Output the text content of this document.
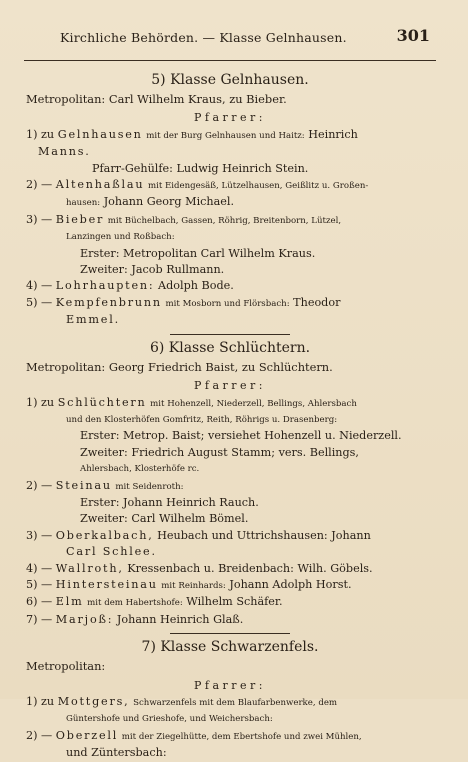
Kirchliche Behörden. — Klasse Gelnhausen.	301
5) Klasse Gelnhausen.
Metropolitan: Carl Wilhelm Kraus, zu Bieber.
Pfarrer:
1) zu Gelnhausen mit der Burg Gelnhausen und Haitz: Heinrich
Manns.
Pfarr-Gehülfe: Ludwig Heinrich Stein.
2) — Altenhaßlau mit Eidengesäß, Lützelhausen, Geißlitz u. Großen-
hausen: Johann Georg Michael.
3) — Bieber mit Büchelbach, Gassen, Röhrig, Breitenborn, Lützel,
Lanzingen und Roßbach:
Erster: Metropolitan Carl Wilhelm Kraus.
Zweiter: Jacob Rullmann.
4) — Lohrhaupten: Adolph Bode.
5) — Kempfenbrunn mit Mosborn und Flörsbach: Theodor
Emmel.
6) Klasse Schlüchtern.
Metropolitan: Georg Friedrich Baist, zu Schlüchtern.
Pfarrer:
1) zu Schlüchtern mit Hohenzell, Niederzell, Bellings, Ahlersbach
und den Klosterhöfen Gomfritz, Reith, Röhrigs u. Drasenberg:
Erster: Metrop. Baist; versiehet Hohenzell u. Niederzell.
Zweiter: Friedrich August Stamm; vers. Bellings,
Ahlersbach, Klosterhöfe rc.
2) — Steinau mit Seidenroth:
Erster: Johann Heinrich Rauch.
Zweiter: Carl Wilhelm Bömel.
3) — Oberkalbach, Heubach und Uttrichshausen: Johann
Carl Schlee.
4) — Wallroth, Kressenbach u. Breidenbach: Wilh. Göbels.
5) — Hintersteinau mit Reinhards: Johann Adolph Horst.
6) — Elm mit dem Habertshofe: Wilhelm Schäfer.
7) — Marjoß: Johann Heinrich Glaß.
7) Klasse Schwarzenfels.
Metropolitan:
Pfarrer:
1) zu Mottgers, Schwarzenfels mit dem Blaufarbenwerke, dem
Güntershofe und Grieshofe, und Weichersbach:
2) — Oberzell mit der Ziegelhütte, dem Ebertshofe und zwei Mühlen,
und Züntersbach:
